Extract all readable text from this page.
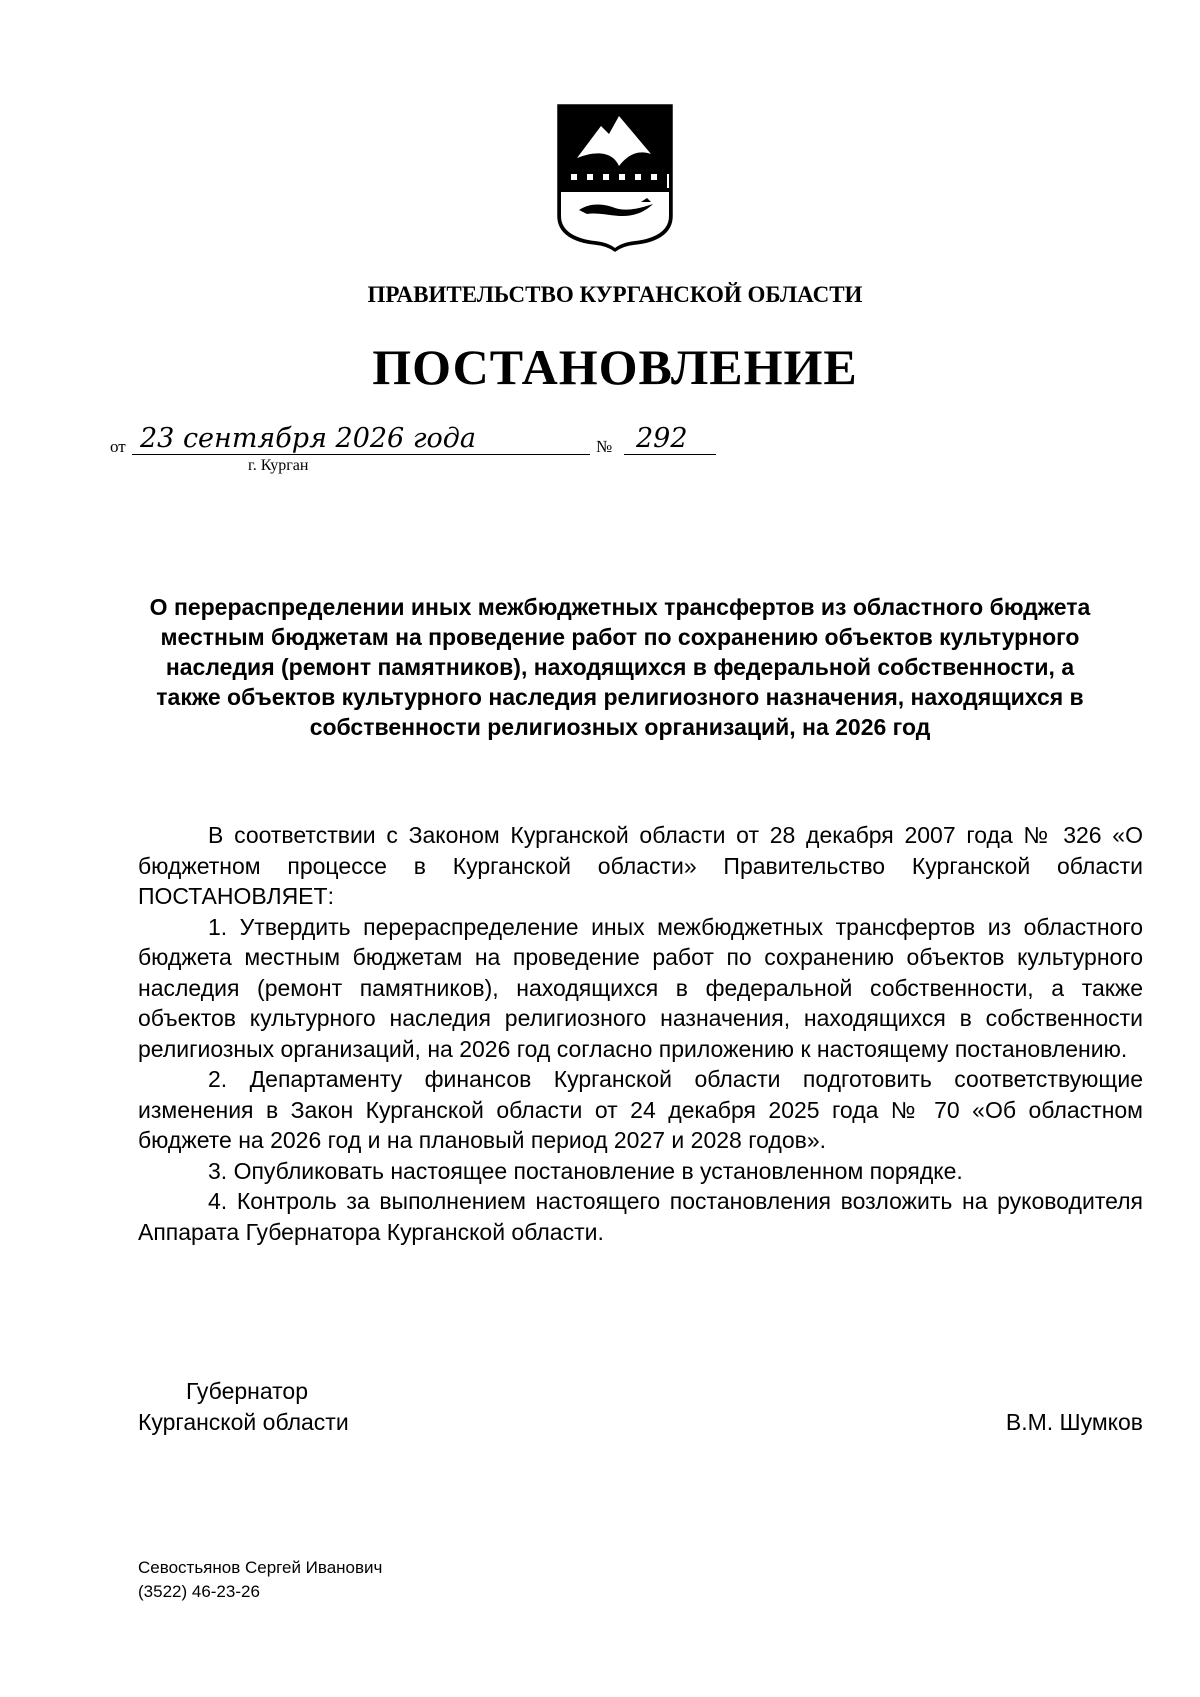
ПРАВИТЕЛЬСТВО КУРГАНСКОЙ ОБЛАСТИ
ПОСТАНОВЛЕНИЕ
от 23 сентября 2026 года	№ 292
г. Курган
О перераспределении иных межбюджетных трансфертов из областного бюджета местным бюджетам на проведение работ по сохранению объектов культурного наследия (ремонт памятников), находящихся в федеральной собственности, а также объектов культурного наследия религиозного назначения, находящихся в собственности религиозных организаций, на 2026 год

В соответствии с Законом Курганской области от 28 декабря 2007 года № 326 «О бюджетном процессе в Курганской области» Правительство Курганской области ПОСТАНОВЛЯЕТ:

1. Утвердить перераспределение иных межбюджетных трансфертов из областного бюджета местным бюджетам на проведение работ по сохранению объектов культурного наследия (ремонт памятников), находящихся в федеральной собственности, а также объектов культурного наследия религиозного назначения, находящихся в собственности религиозных организаций, на 2026 год согласно приложению к настоящему постановлению.

2. Департаменту финансов Курганской области подготовить соответствующие изменения в Закон Курганской области от 24 декабря 2025 года № 70 «Об областном бюджете на 2026 год и на плановый период 2027 и 2028 годов».

3. Опубликовать настоящее постановление в установленном порядке.

4. Контроль за выполнением настоящего постановления возложить на руководителя Аппарата Губернатора Курганской области.

Губернатор
Курганской области	В.М. Шумков
Севостьянов Сергей Иванович
(3522) 46-23-26
